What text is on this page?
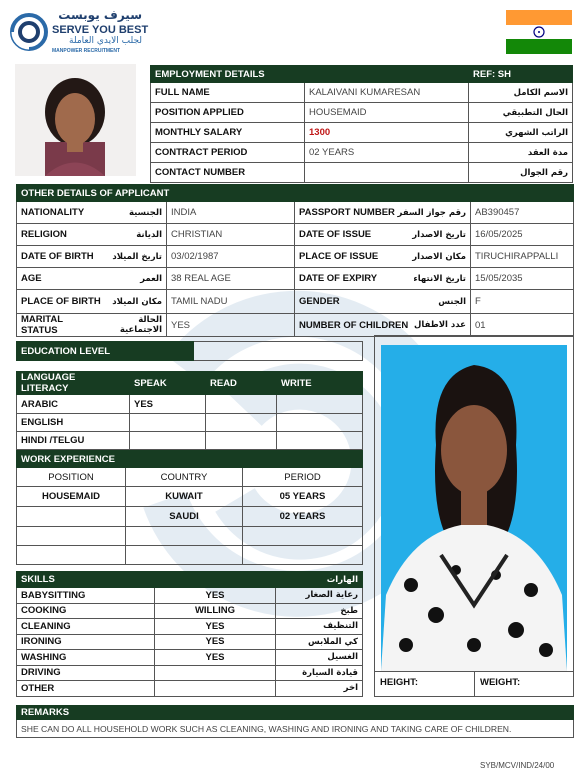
سيرف يوبست
SERVE YOU BEST
لجلب الايدي العاملة
MANPOWER RECRUITMENT
EMPLOYMENT DETAILS		REF: SH
FULL NAME	KALAIVANI KUMARESAN	الاسم الكامل
POSITION APPLIED	HOUSEMAID	الحال التطبيقي
MONTHLY SALARY	1300	الراتب الشهري
CONTRACT PERIOD	02 YEARS	مدة العقد
CONTACT NUMBER		رقم الجوال
OTHER DETAILS OF APPLICANT			

NATIONALITY الجنسية	INDIA	PASSPORT NUMBER رقم جواز السفر	AB390457

RELIGION الديانة	CHRISTIAN	DATE OF ISSUE تاريخ الاصدار	16/05/2025

DATE OF BIRTH تاريخ الميلاد	03/02/1987	PLACE OF ISSUE مكان الاصدار	TIRUCHIRAPPALLI

AGE العمر	38 REAL AGE	DATE OF EXPIRY تاريخ الانتهاء	15/05/2035

PLACE OF BIRTH مكان الميلاد	TAMIL NADU	GENDER الجنس	F

MARITAL STATUS
الحالة الاجتماعية	YES	NUMBER OF CHILDREN عدد الاطفال	01
EDUCATION LEVEL	
LANGUAGE LITERACY	SPEAK	READ	WRITE
ARABIC	YES		
ENGLISH			
HINDI /TELGU			
WORK EXPERIENCE		
POSITION	COUNTRY	PERIOD
HOUSEMAID	KUWAIT	05 YEARS
	SAUDI	02 YEARS

SKILLS		الهارات
BABYSITTING	YES	رعاية الصغار
COOKING	WILLING	طبخ
CLEANING	YES	التنظيف
IRONING	YES	كي الملابس
WASHING	YES	الغسيل
DRIVING		قيادة السيارة
OTHER		اخر
HEIGHT:	WEIGHT:
REMARKS
SHE CAN DO ALL HOUSEHOLD WORK SUCH AS CLEANING, WASHING AND IRONING AND TAKING CARE OF CHILDREN.
SYB/MCV/IND/24/00
